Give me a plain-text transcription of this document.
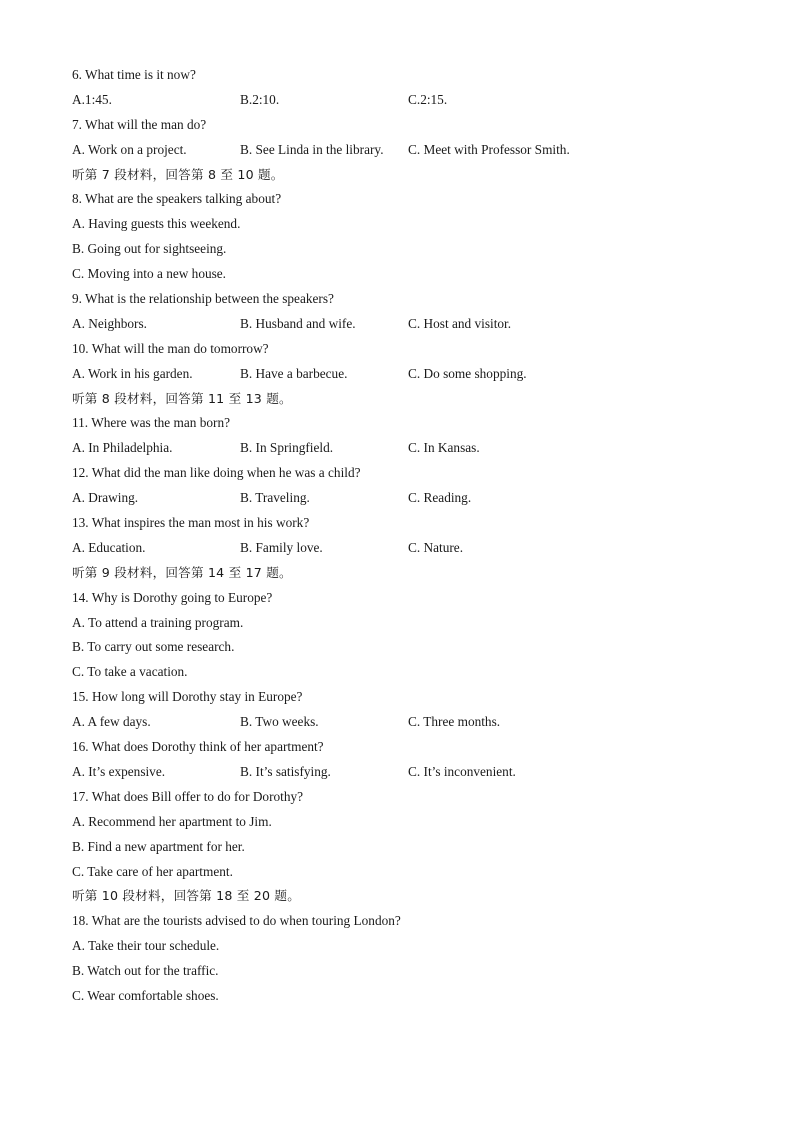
6. What time is it now?
A.1:45.	B.2:10.	C.2:15.
7. What will the man do?
A. Work on a project.	B. See Linda in the library.	C. Meet with Professor Smith.
听第 7 段材料，回答第 8 至 10 题。
8. What are the speakers talking about?
A. Having guests this weekend.
B. Going out for sightseeing.
C. Moving into a new house.
9. What is the relationship between the speakers?
A. Neighbors.	B. Husband and wife.	C. Host and visitor.
10. What will the man do tomorrow?
A. Work in his garden.	B. Have a barbecue.	C. Do some shopping.
听第 8 段材料，回答第 11 至 13 题。
11. Where was the man born?
A. In Philadelphia.	B. In Springfield.	C. In Kansas.
12. What did the man like doing when he was a child?
A. Drawing.	B. Traveling.	C. Reading.
13. What inspires the man most in his work?
A. Education.	B. Family love.	C. Nature.
听第 9 段材料，回答第 14 至 17 题。
14. Why is Dorothy going to Europe?
A. To attend a training program.
B. To carry out some research.
C. To take a vacation.
15. How long will Dorothy stay in Europe?
A. A few days.	B. Two weeks.	C. Three months.
16. What does Dorothy think of her apartment?
A. It’s expensive.	B. It’s satisfying.	C. It’s inconvenient.
17. What does Bill offer to do for Dorothy?
A. Recommend her apartment to Jim.
B. Find a new apartment for her.
C. Take care of her apartment.
听第 10 段材料，回答第 18 至 20 题。
18. What are the tourists advised to do when touring London?
A. Take their tour schedule.
B. Watch out for the traffic.
C. Wear comfortable shoes.
